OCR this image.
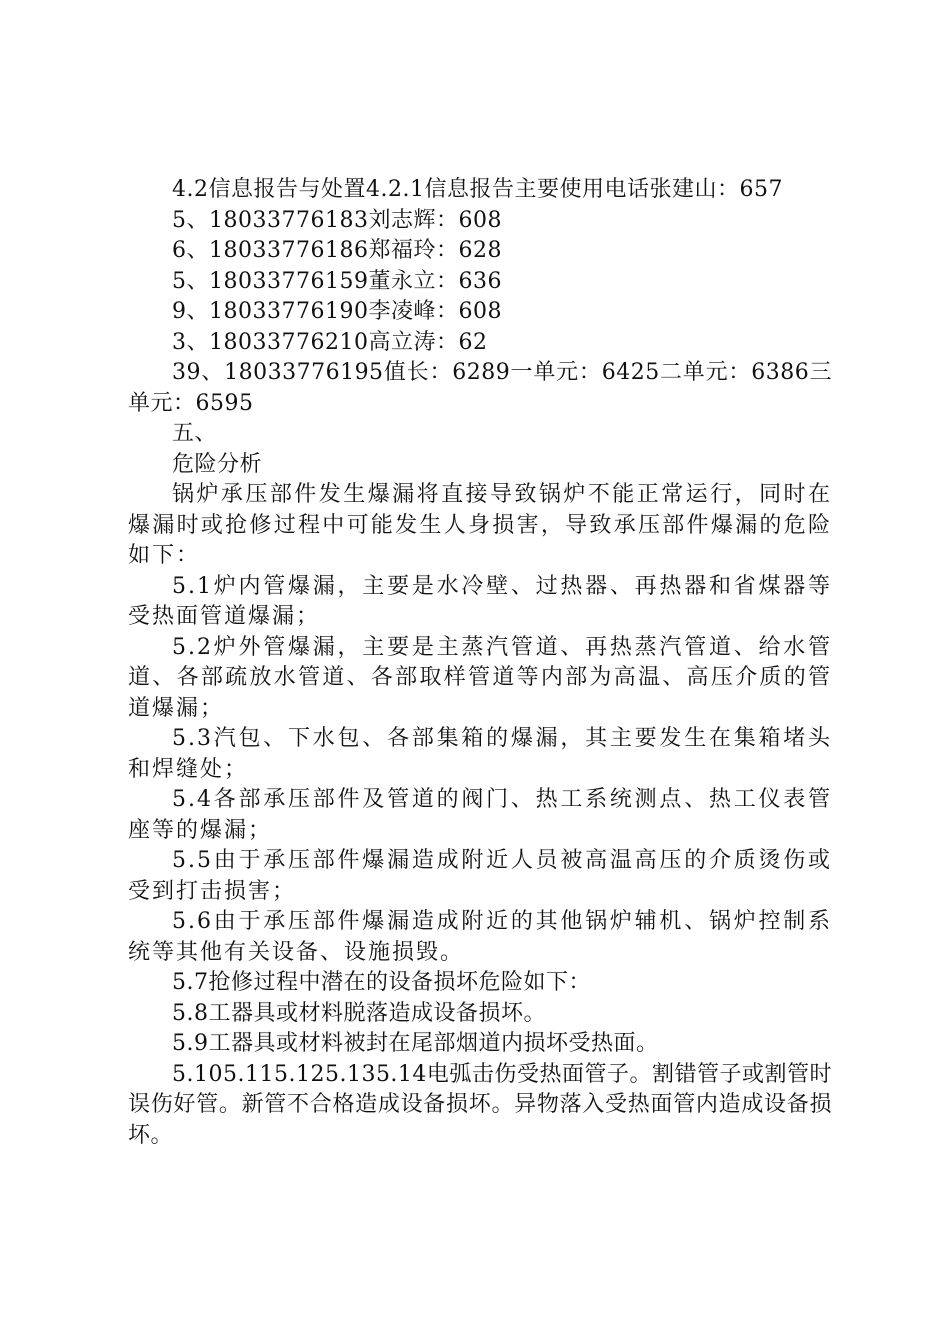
4.2信息报告与处置4.2.1信息报告主要使用电话张建山：657

5、18033776183刘志辉：608

6、18033776186郑福玲：628

5、18033776159董永立：636

9、18033776190李凌峰：608

3、18033776210高立涛：62

39、18033776195值长：6289一单元：6425二单元：6386三单元：6595

五、

危险分析

锅炉承压部件发生爆漏将直接导致锅炉不能正常运行，同时在爆漏时或抢修过程中可能发生人身损害，导致承压部件爆漏的危险如下：

5.1炉内管爆漏，主要是水冷壁、过热器、再热器和省煤器等受热面管道爆漏；

5.2炉外管爆漏，主要是主蒸汽管道、再热蒸汽管道、给水管道、各部疏放水管道、各部取样管道等内部为高温、高压介质的管道爆漏；

5.3汽包、下水包、各部集箱的爆漏，其主要发生在集箱堵头和焊缝处；

5.4各部承压部件及管道的阀门、热工系统测点、热工仪表管座等的爆漏；

5.5由于承压部件爆漏造成附近人员被高温高压的介质烫伤或受到打击损害；

5.6由于承压部件爆漏造成附近的其他锅炉辅机、锅炉控制系统等其他有关设备、设施损毁。

5.7抢修过程中潜在的设备损坏危险如下：

5.8工器具或材料脱落造成设备损坏。

5.9工器具或材料被封在尾部烟道内损坏受热面。

5.105.115.125.135.14电弧击伤受热面管子。割错管子或割管时误伤好管。新管不合格造成设备损坏。异物落入受热面管内造成设备损坏。
